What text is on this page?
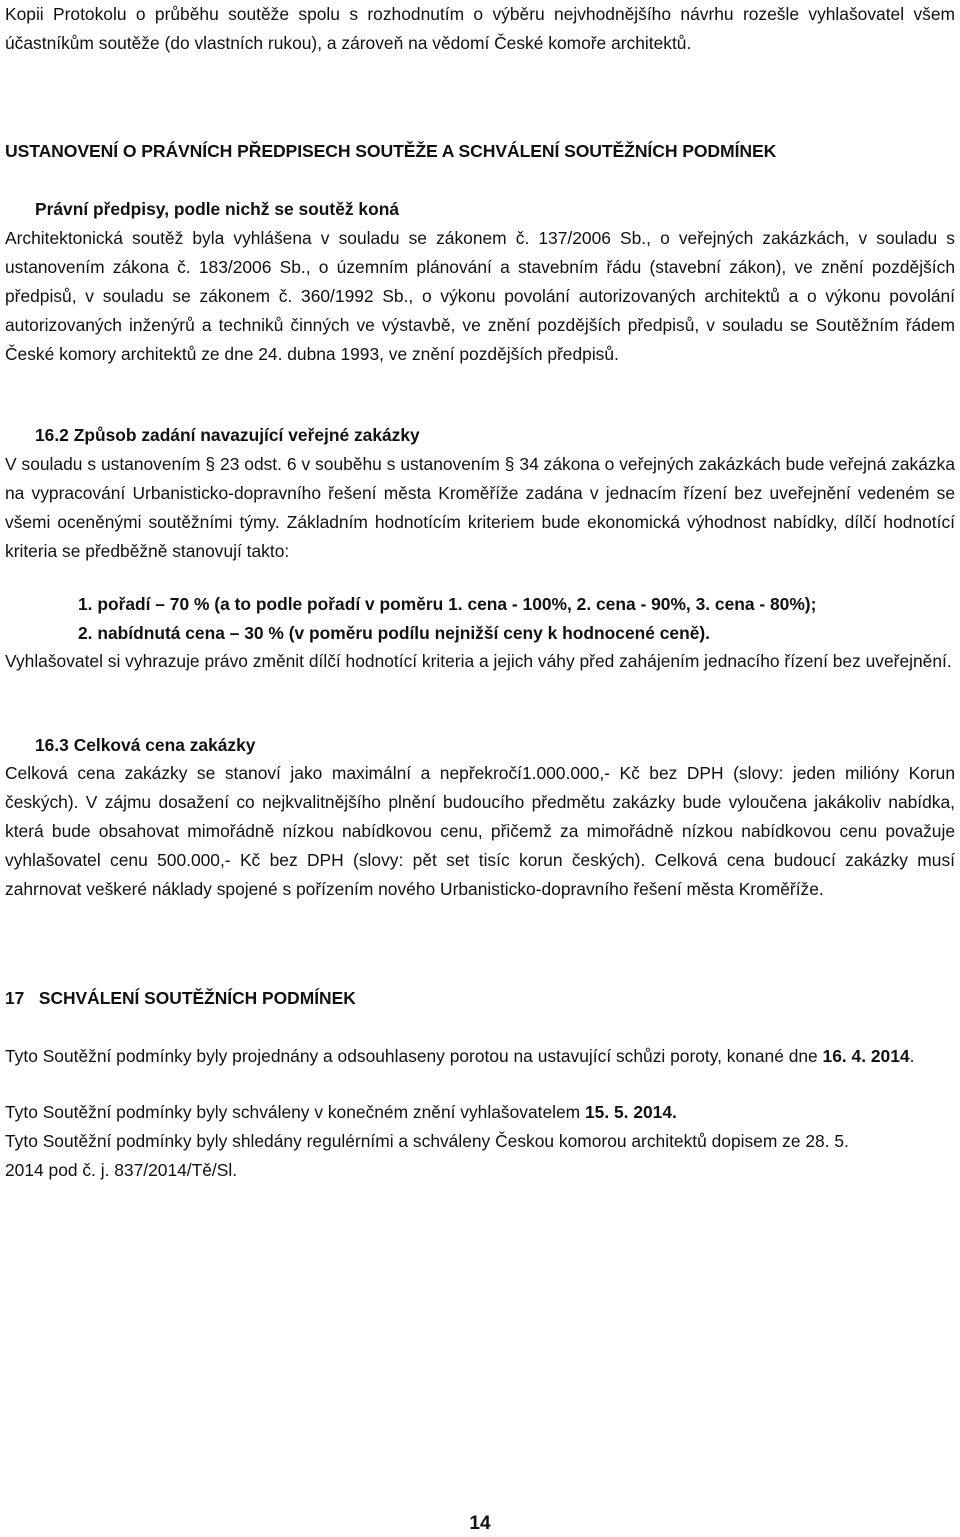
Kopii Protokolu o průběhu soutěže spolu s rozhodnutím o výběru nejvhodnějšího návrhu rozešle vyhlašovatel všem účastníkům soutěže (do vlastních rukou), a zároveň na vědomí České komoře architektů.

USTANOVENÍ O PRÁVNÍCH PŘEDPISECH SOUTĚŽE A SCHVÁLENÍ SOUTĚŽNÍCH PODMÍNEK

Právní předpisy, podle nichž se soutěž koná

Architektonická soutěž byla vyhlášena v souladu se zákonem č. 137/2006 Sb., o veřejných zakázkách, v souladu s ustanovením zákona č. 183/2006 Sb., o územním plánování a stavebním řádu (stavební zákon), ve znění pozdějších předpisů, v souladu se zákonem č. 360/1992 Sb., o výkonu povolání autorizovaných architektů a o výkonu povolání autorizovaných inženýrů a techniků činných ve výstavbě, ve znění pozdějších předpisů, v souladu se Soutěžním řádem České komory architektů ze dne 24. dubna 1993, ve znění pozdějších předpisů.

16.2 Způsob zadání navazující veřejné zakázky

V souladu s ustanovením § 23 odst. 6 v souběhu s ustanovením § 34 zákona o veřejných zakázkách bude veřejná zakázka na vypracování Urbanisticko-dopravního řešení města Kroměříže zadána v jednacím řízení bez uveřejnění vedeném se všemi oceněnými soutěžními týmy. Základním hodnotícím kriteriem bude ekonomická výhodnost nabídky, dílčí hodnotící kriteria se předběžně stanovují takto:

1. pořadí – 70 % (a to podle pořadí v poměru 1. cena - 100%, 2. cena - 90%, 3. cena - 80%);

2. nabídnutá cena – 30 % (v poměru podílu nejnižší ceny k hodnocené ceně).

Vyhlašovatel si vyhrazuje právo změnit dílčí hodnotící kriteria a jejich váhy před zahájením jednacího řízení bez uveřejnění.

16.3 Celková cena zakázky

Celková cena zakázky se stanoví jako maximální a nepřekročí1.000.000,- Kč bez DPH (slovy: jeden milióny Korun českých). V zájmu dosažení co nejkvalitnějšího plnění budoucího předmětu zakázky bude vyloučena jakákoliv nabídka, která bude obsahovat mimořádně nízkou nabídkovou cenu, přičemž za mimořádně nízkou nabídkovou cenu považuje vyhlašovatel cenu 500.000,- Kč bez DPH (slovy: pět set tisíc korun českých). Celková cena budoucí zakázky musí zahrnovat veškeré náklady spojené s pořízením nového Urbanisticko-dopravního řešení města Kroměříže.

17 SCHVÁLENÍ SOUTĚŽNÍCH PODMÍNEK

Tyto Soutěžní podmínky byly projednány a odsouhlaseny porotou na ustavující schůzi poroty, konané dne 16. 4. 2014.

Tyto Soutěžní podmínky byly schváleny v konečném znění vyhlašovatelem 15. 5. 2014.

Tyto Soutěžní podmínky byly shledány regulérními a schváleny Českou komorou architektů dopisem ze 28. 5. 2014 pod č. j. 837/2014/Tě/Sl.

14
